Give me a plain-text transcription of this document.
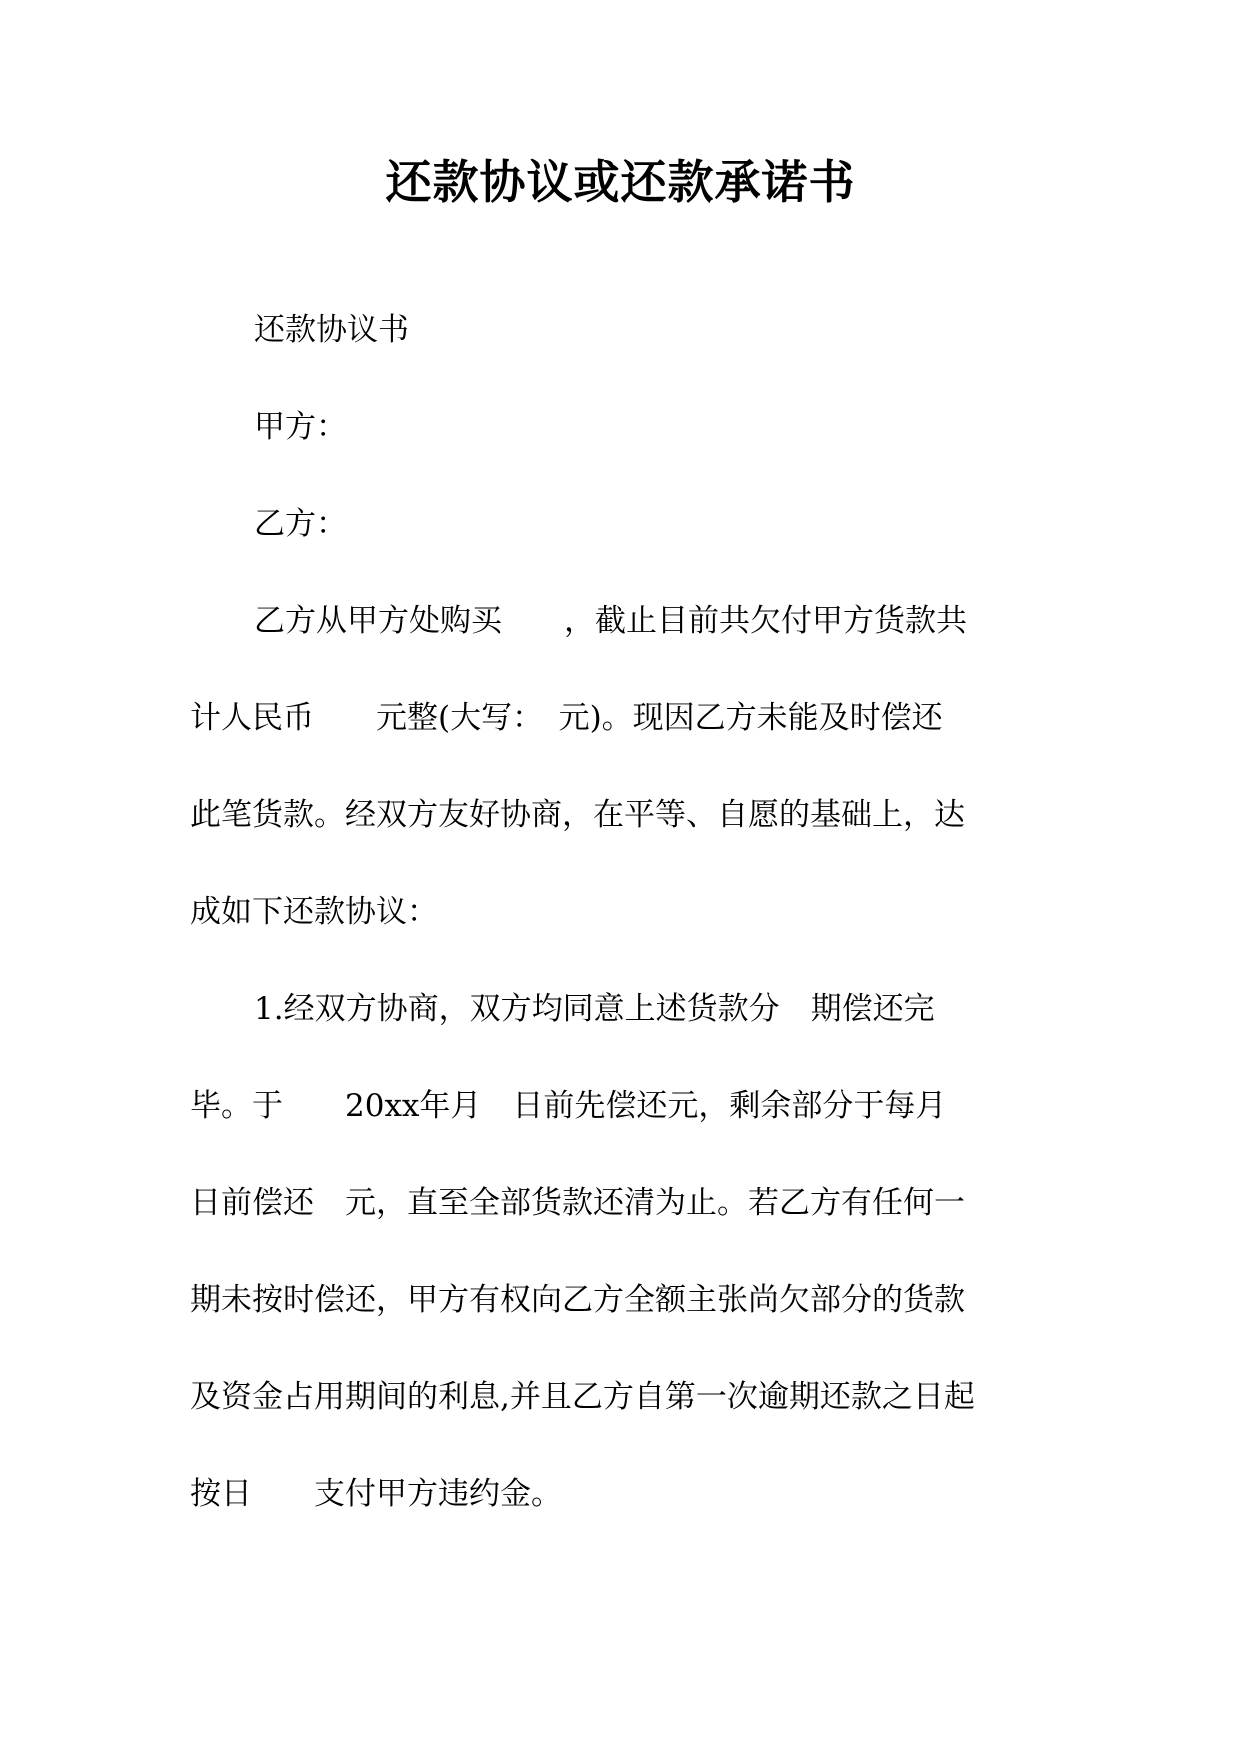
还款协议或还款承诺书
还款协议书
甲方：
乙方：
乙方从甲方处购买　　，截止目前共欠付甲方货款共
计人民币　　元整(大写：　元)。现因乙方未能及时偿还
此笔货款。经双方友好协商，在平等、自愿的基础上，达
成如下还款协议：
1.经双方协商，双方均同意上述货款分　期偿还完
毕。于　　20xx年月　日前先偿还元，剩余部分于每月
日前偿还　元，直至全部货款还清为止。若乙方有任何一
期未按时偿还，甲方有权向乙方全额主张尚欠部分的货款
及资金占用期间的利息,并且乙方自第一次逾期还款之日起
按日　　支付甲方违约金。
